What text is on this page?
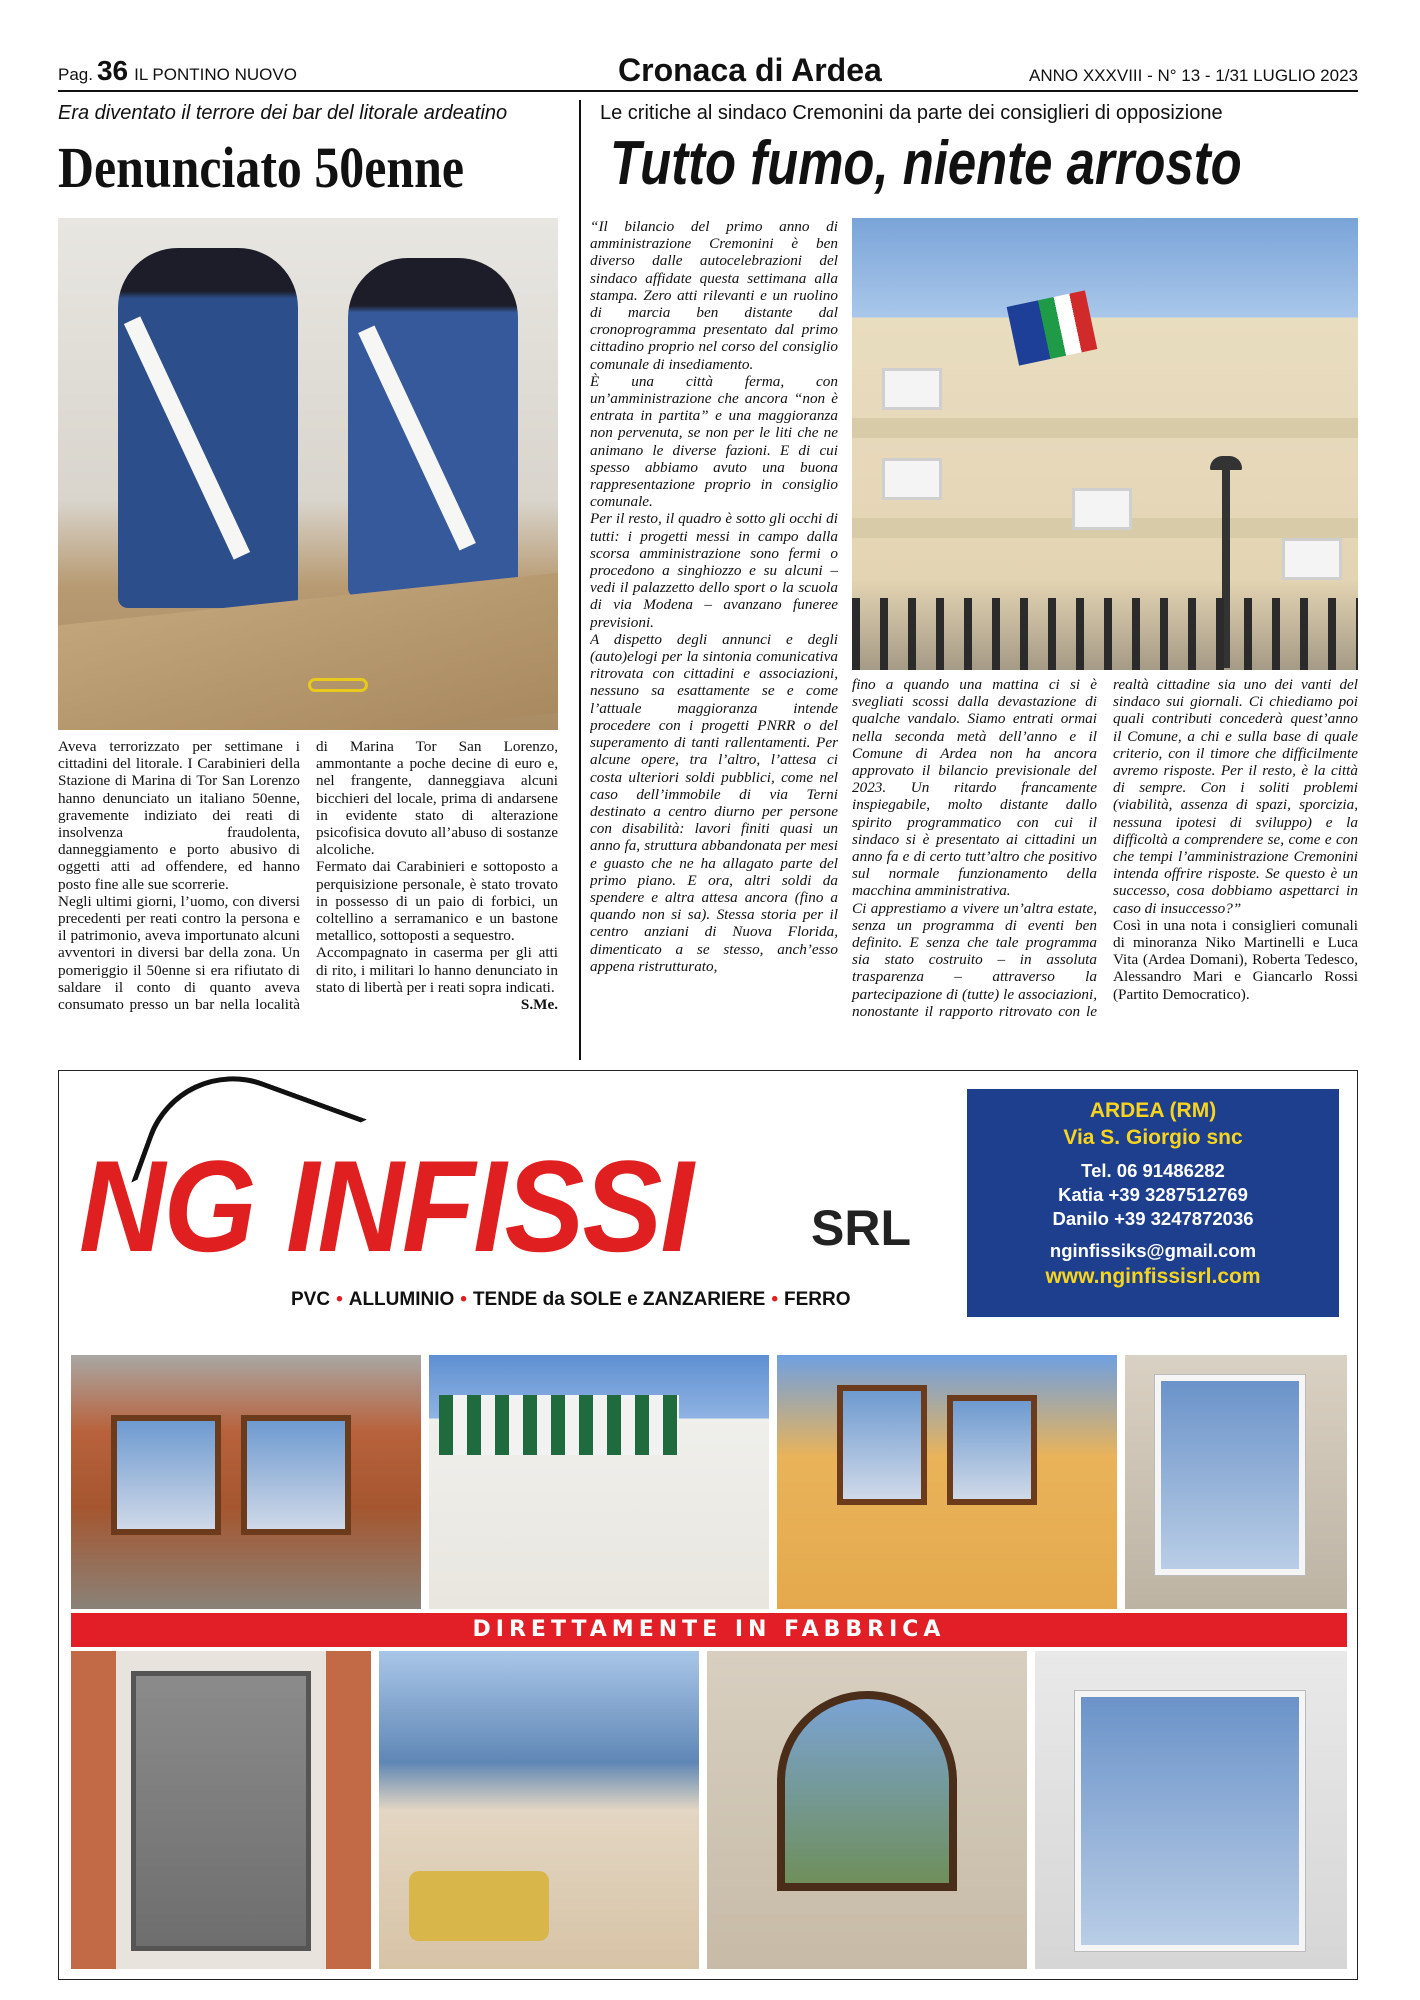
Pag. 36 IL PONTINO NUOVO	Cronaca di Ardea	ANNO XXXVIII - N° 13 - 1/31 LUGLIO 2023
Era diventato il terrore dei bar del litorale ardeatino
Denunciato 50enne

Aveva terrorizzato per settimane i cittadini del litorale. I Carabinieri della Stazione di Marina di Tor San Lorenzo hanno denunciato un italiano 50enne, gravemente indiziato dei reati di insolvenza fraudolenta, danneggiamento e porto abusivo di oggetti atti ad offendere, ed hanno posto fine alle sue scorrerie.

Negli ultimi giorni, l’uomo, con diversi precedenti per reati contro la persona e il patrimonio, aveva importunato alcuni avventori in diversi bar della zona. Un pomeriggio il 50enne si era rifiutato di saldare il conto di quanto aveva consumato presso un bar nella località di Marina Tor San Lorenzo, ammontante a poche decine di euro e, nel frangente, danneggiava alcuni bicchieri del locale, prima di andarsene in evidente stato di alterazione psicofisica dovuto all’abuso di sostanze alcoliche.

Fermato dai Carabinieri e sottoposto a perquisizione personale, è stato trovato in possesso di un paio di forbici, un coltellino a serramanico e un bastone metallico, sottoposti a sequestro.

Accompagnato in caserma per gli atti di rito, i militari lo hanno denunciato in stato di libertà per i reati sopra indicati.

S.Me.

Le critiche al sindaco Cremonini da parte dei consiglieri di opposizione
Tutto fumo, niente arrosto

“Il bilancio del primo anno di amministrazione Cremonini è ben diverso dalle autocelebrazioni del sindaco affidate questa settimana alla stampa. Zero atti rilevanti e un ruolino di marcia ben distante dal cronoprogramma presentato dal primo cittadino proprio nel corso del consiglio comunale di insediamento.

È una città ferma, con un’amministrazione che ancora “non è entrata in partita” e una maggioranza non pervenuta, se non per le liti che ne animano le diverse fazioni. E di cui spesso abbiamo avuto una buona rappresentazione proprio in consiglio comunale.

Per il resto, il quadro è sotto gli occhi di tutti: i progetti messi in campo dalla scorsa amministrazione sono fermi o procedono a singhiozzo e su alcuni – vedi il palazzetto dello sport o la scuola di via Modena – avanzano funeree previsioni.

A dispetto degli annunci e degli (auto)elogi per la sintonia comunicativa ritrovata con cittadini e associazioni, nessuno sa esattamente se e come l’attuale maggioranza intende procedere con i progetti PNRR o del superamento di tanti rallentamenti. Per alcune opere, tra l’altro, l’attesa ci costa ulteriori soldi pubblici, come nel caso dell’immobile di via Terni destinato a centro diurno per persone con disabilità: lavori finiti quasi un anno fa, struttura abbandonata per mesi e guasto che ne ha allagato parte del primo piano. E ora, altri soldi da spendere e altra attesa ancora (fino a quando non si sa). Stessa storia per il centro anziani di Nuova Florida, dimenticato a se stesso, anch’esso appena ristrutturato,

fino a quando una mattina ci si è svegliati scossi dalla devastazione di qualche vandalo. Siamo entrati ormai nella seconda metà dell’anno e il Comune di Ardea non ha ancora approvato il bilancio previsionale del 2023. Un ritardo francamente inspiegabile, molto distante dallo spirito programmatico con cui il sindaco si è presentato ai cittadini un anno fa e di certo tutt’altro che positivo sul normale funzionamento della macchina amministrativa.

Ci apprestiamo a vivere un’altra estate, senza un programma di eventi ben definito. E senza che tale programma sia stato costruito – in assoluta trasparenza – attraverso la partecipazione di (tutte) le associazioni, nonostante il rapporto ritrovato con le realtà cittadine sia uno dei vanti del sindaco sui giornali. Ci chiediamo poi quali contributi concederà quest’anno il Comune, a chi e sulla base di quale criterio, con il timore che difficilmente avremo risposte. Per il resto, è la città di sempre. Con i soliti problemi (viabilità, assenza di spazi, sporcizia, nessuna ipotesi di sviluppo) e la difficoltà a comprendere se, come e con che tempi l’amministrazione Cremonini intenda offrire risposte. Se questo è un successo, cosa dobbiamo aspettarci in caso di insuccesso?”

Così in una nota i consiglieri comunali di minoranza Niko Martinelli e Luca Vita (Ardea Domani), Roberta Tedesco, Alessandro Mari e Giancarlo Rossi (Partito Democratico).

NG INFISSI SRL
PVC • ALLUMINIO • TENDE da SOLE e ZANZARIERE • FERRO
ARDEA (RM)
Via S. Giorgio snc
Tel. 06 91486282
Katia +39 3287512769
Danilo +39 3247872036
nginfissiks@gmail.com
www.nginfissisrl.com
DIRETTAMENTE IN FABBRICA
